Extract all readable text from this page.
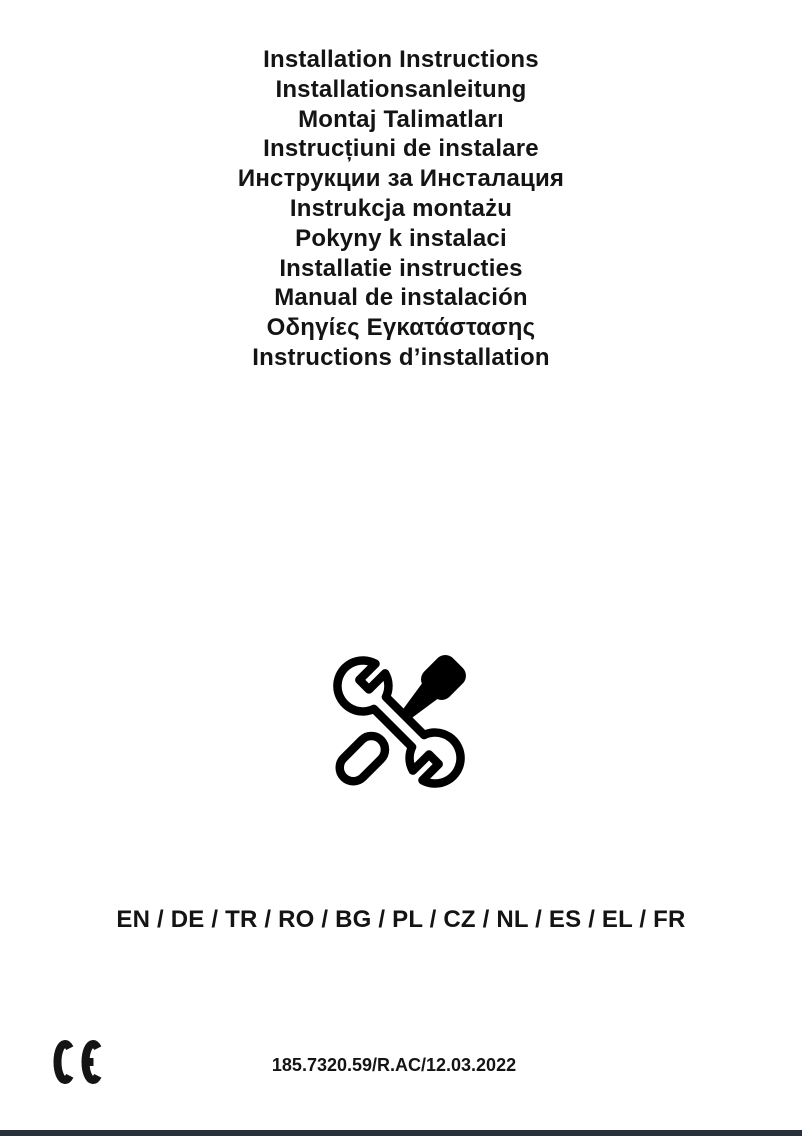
Installation Instructions
Installationsanleitung
Montaj Talimatları
Instrucțiuni de instalare
Инструкции за Инсталация
Instrukcja montażu
Pokyny k instalaci
Installatie instructies
Manual de instalación
Οδηγίες Εγκατάστασης
Instructions d’installation
EN / DE / TR / RO / BG / PL / CZ / NL / ES / EL / FR
185.7320.59/R.AC/12.03.2022
